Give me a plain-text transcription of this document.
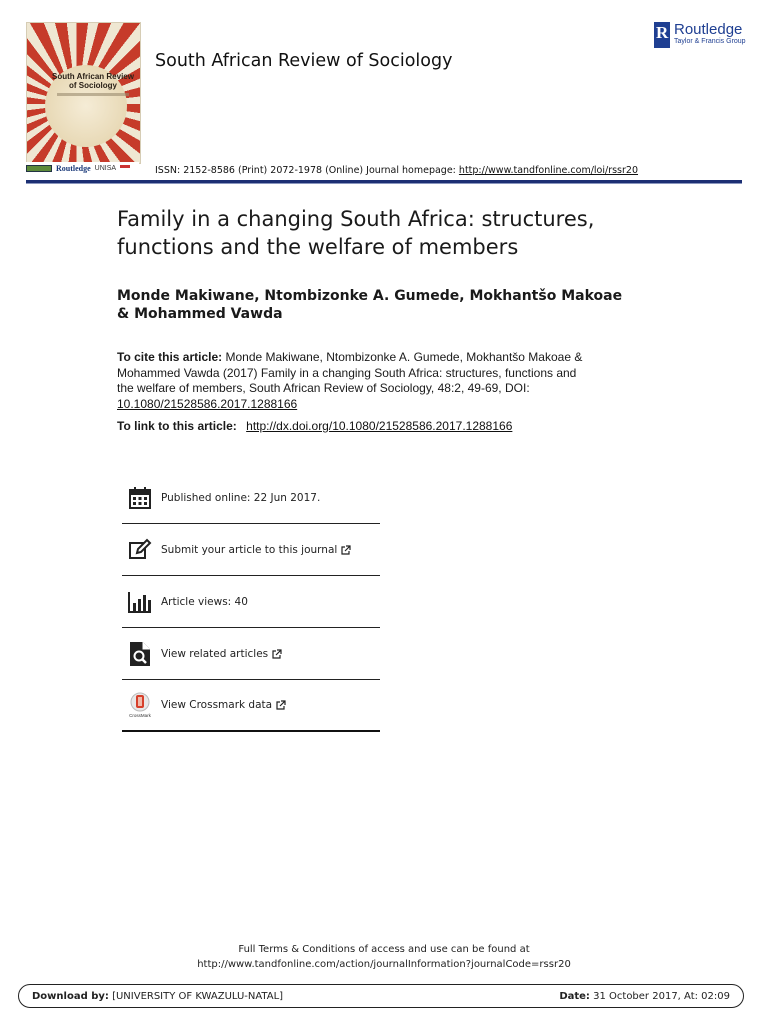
South African Review of Sociology
Routledge UNISA
South African Review of Sociology
R
Routledge
Taylor & Francis Group
ISSN: 2152-8586 (Print) 2072-1978 (Online) Journal homepage: http://www.tandfonline.com/loi/rssr20
Family in a changing South Africa: structures, functions and the welfare of members
Monde Makiwane, Ntombizonke A. Gumede, Mokhantšo Makoae & Mohammed Vawda
To cite this article: Monde Makiwane, Ntombizonke A. Gumede, Mokhantšo Makoae & Mohammed Vawda (2017) Family in a changing South Africa: structures, functions and the welfare of members, South African Review of Sociology, 48:2, 49-69, DOI:
10.1080/21528586.2017.1288166
To link to this article: http://dx.doi.org/10.1080/21528586.2017.1288166
Published online: 22 Jun 2017.
Submit your article to this journal
Article views: 40
View related articles
CrossMark
View Crossmark data
Full Terms & Conditions of access and use can be found at
http://www.tandfonline.com/action/journalInformation?journalCode=rssr20
Download by: [UNIVERSITY OF KWAZULU-NATAL]	Date: 31 October 2017, At: 02:09
